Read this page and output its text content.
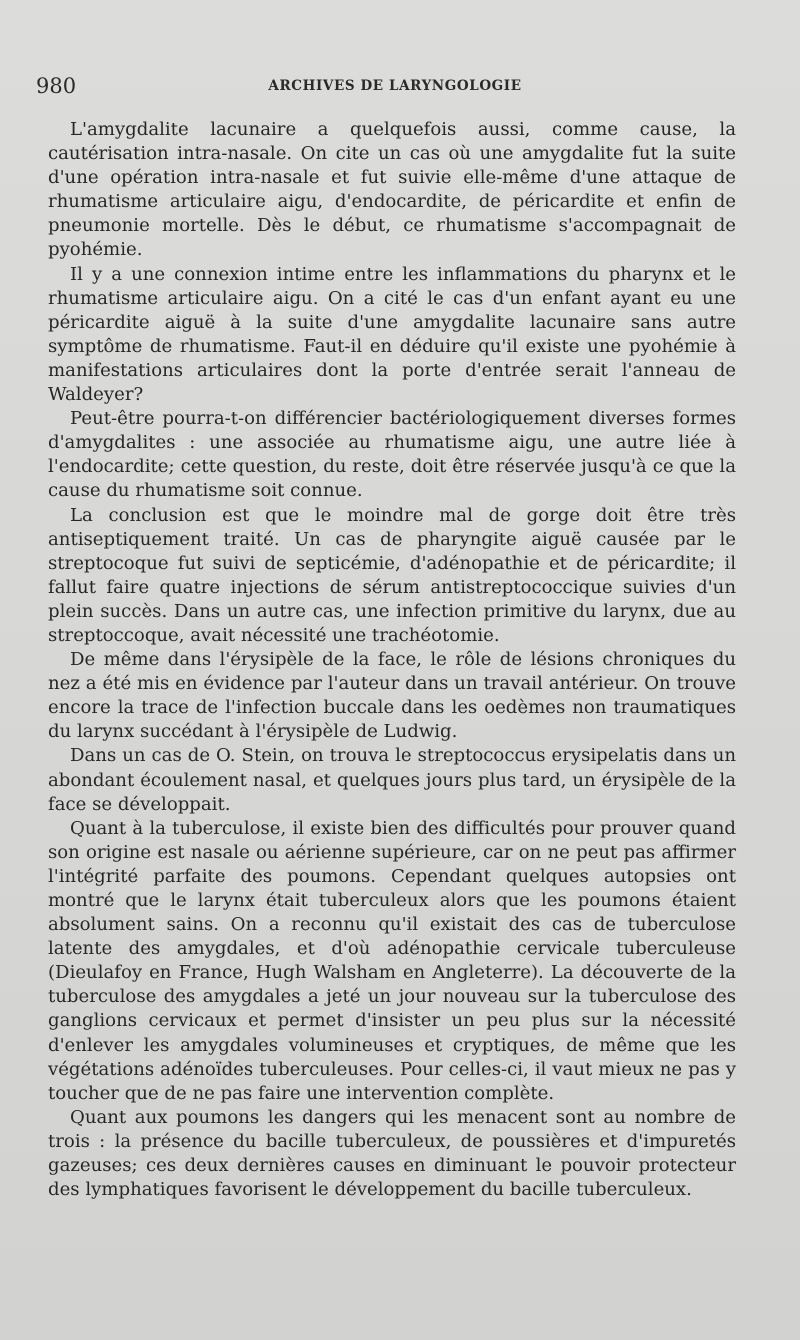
980	ARCHIVES DE LARYNGOLOGIE

L'amygdalite lacunaire a quelquefois aussi, comme cause, la cautérisation intra-nasale. On cite un cas où une amygdalite fut la suite d'une opération intra-nasale et fut suivie elle-même d'une attaque de rhumatisme articulaire aigu, d'endocardite, de péricardite et enfin de pneumonie mortelle. Dès le début, ce rhumatisme s'accompagnait de pyohémie.

Il y a une connexion intime entre les inflammations du pharynx et le rhumatisme articulaire aigu. On a cité le cas d'un enfant ayant eu une péricardite aiguë à la suite d'une amygdalite lacunaire sans autre symptôme de rhumatisme. Faut-il en déduire qu'il existe une pyohémie à manifestations articulaires dont la porte d'entrée serait l'anneau de Waldeyer?

Peut-être pourra-t-on différencier bactériologiquement diverses formes d'amygdalites : une associée au rhumatisme aigu, une autre liée à l'endocardite; cette question, du reste, doit être réservée jusqu'à ce que la cause du rhumatisme soit connue.

La conclusion est que le moindre mal de gorge doit être très antiseptiquement traité. Un cas de pharyngite aiguë causée par le streptocoque fut suivi de septicémie, d'adénopathie et de péricardite; il fallut faire quatre injections de sérum antistreptococcique suivies d'un plein succès. Dans un autre cas, une infection primitive du larynx, due au streptoccoque, avait nécessité une trachéotomie.

De même dans l'érysipèle de la face, le rôle de lésions chroniques du nez a été mis en évidence par l'auteur dans un travail antérieur. On trouve encore la trace de l'infection buccale dans les oedèmes non traumatiques du larynx succédant à l'érysipèle de Ludwig.

Dans un cas de O. Stein, on trouva le streptococcus erysipelatis dans un abondant écoulement nasal, et quelques jours plus tard, un érysipèle de la face se développait.

Quant à la tuberculose, il existe bien des difficultés pour prouver quand son origine est nasale ou aérienne supérieure, car on ne peut pas affirmer l'intégrité parfaite des poumons. Cependant quelques autopsies ont montré que le larynx était tuberculeux alors que les poumons étaient absolument sains. On a reconnu qu'il existait des cas de tuberculose latente des amygdales, et d'où adénopathie cervicale tuberculeuse (Dieulafoy en France, Hugh Walsham en Angleterre). La découverte de la tuberculose des amygdales a jeté un jour nouveau sur la tuberculose des ganglions cervicaux et permet d'insister un peu plus sur la nécessité d'enlever les amygdales volumineuses et cryptiques, de même que les végétations adénoïdes tuberculeuses. Pour celles-ci, il vaut mieux ne pas y toucher que de ne pas faire une intervention complète.

Quant aux poumons les dangers qui les menacent sont au nombre de trois : la présence du bacille tuberculeux, de poussières et d'impuretés gazeuses; ces deux dernières causes en diminuant le pouvoir protecteur des lymphatiques favorisent le développement du bacille tuberculeux.
